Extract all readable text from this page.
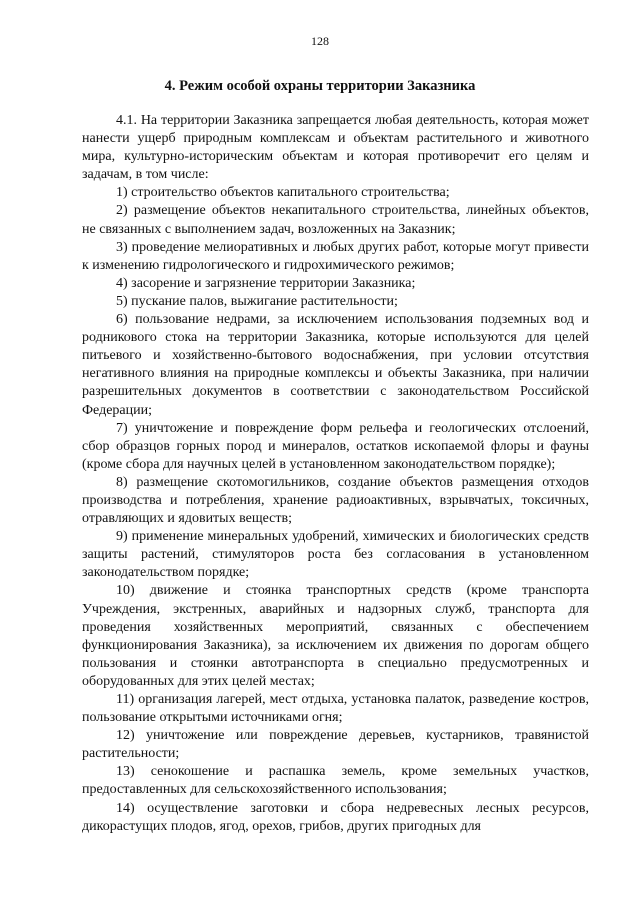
128
4. Режим особой охраны территории Заказника

4.1. На территории Заказника запрещается любая деятельность, которая может нанести ущерб природным комплексам и объектам растительного и животного мира, культурно-историческим объектам и которая противоречит его целям и задачам, в том числе:

1) строительство объектов капитального строительства;

2) размещение объектов некапитального строительства, линейных объектов, не связанных с выполнением задач, возложенных на Заказник;

3) проведение мелиоративных и любых других работ, которые могут привести к изменению гидрологического и гидрохимического режимов;

4) засорение и загрязнение территории Заказника;

5) пускание палов, выжигание растительности;

6) пользование недрами, за исключением использования подземных вод и родникового стока на территории Заказника, которые используются для целей питьевого и хозяйственно-бытового водоснабжения, при условии отсутствия негативного влияния на природные комплексы и объекты Заказника, при наличии разрешительных документов в соответствии с законодательством Российской Федерации;

7) уничтожение и повреждение форм рельефа и геологических отслоений, сбор образцов горных пород и минералов, остатков ископаемой флоры и фауны (кроме сбора для научных целей в установленном законодательством порядке);

8) размещение скотомогильников, создание объектов размещения отходов производства и потребления, хранение радиоактивных, взрывчатых, токсичных, отравляющих и ядовитых веществ;

9) применение минеральных удобрений, химических и биологических средств защиты растений, стимуляторов роста без согласования в установленном законодательством порядке;

10) движение и стоянка транспортных средств (кроме транспорта Учреждения, экстренных, аварийных и надзорных служб, транспорта для проведения хозяйственных мероприятий, связанных с обеспечением функционирования Заказника), за исключением их движения по дорогам общего пользования и стоянки автотранспорта в специально предусмотренных и оборудованных для этих целей местах;

11) организация лагерей, мест отдыха, установка палаток, разведение костров, пользование открытыми источниками огня;

12) уничтожение или повреждение деревьев, кустарников, травянистой растительности;

13) сенокошение и распашка земель, кроме земельных участков, предоставленных для сельскохозяйственного использования;

14) осуществление заготовки и сбора недревесных лесных ресурсов, дикорастущих плодов, ягод, орехов, грибов, других пригодных для
